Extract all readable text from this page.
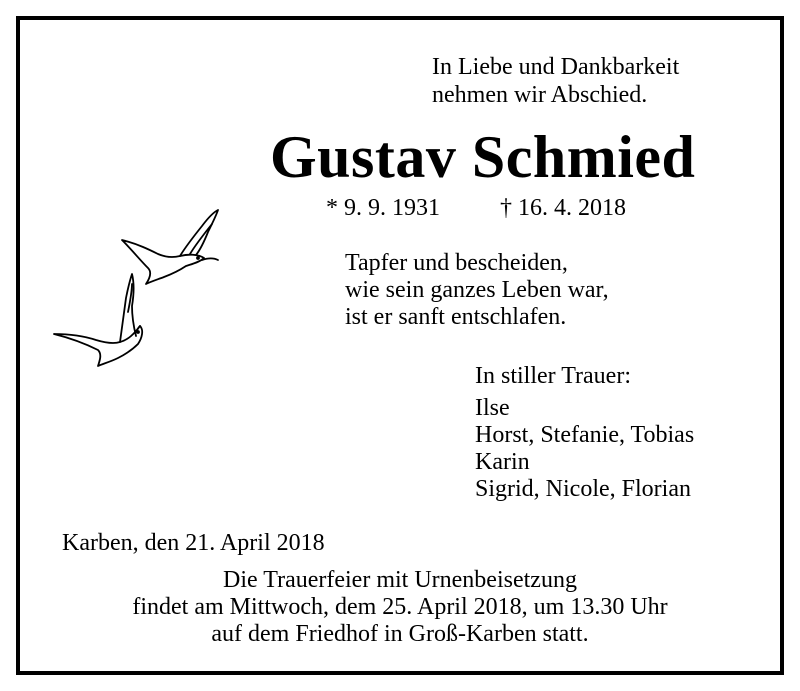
In Liebe und Dankbarkeit
nehmen wir Abschied.
Gustav Schmied
* 9. 9. 1931	† 16. 4. 2018
Tapfer und bescheiden,
wie sein ganzes Leben war,
ist er sanft entschlafen.
In stiller Trauer:
Ilse
Horst, Stefanie, Tobias
Karin
Sigrid, Nicole, Florian
Karben, den 21. April 2018
Die Trauerfeier mit Urnenbeisetzung
findet am Mittwoch, dem 25. April 2018, um 13.30 Uhr
auf dem Friedhof in Groß-Karben statt.
